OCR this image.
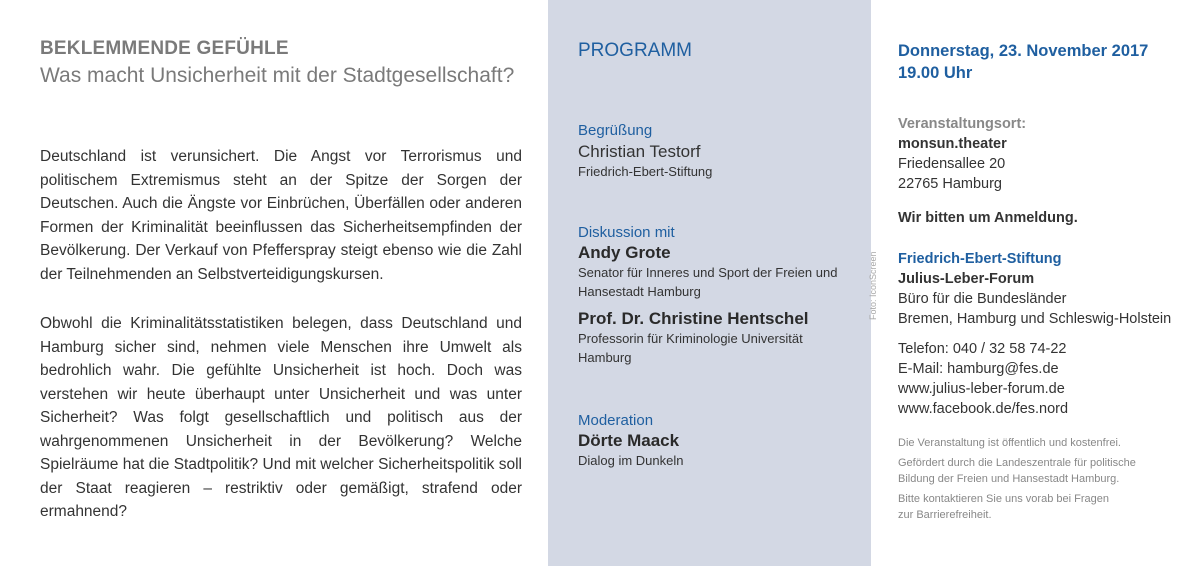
BEKLEMMENDE GEFÜHLE
Was macht Unsicherheit mit der Stadtgesellschaft?

Deutschland ist verunsichert. Die Angst vor Terrorismus und politischem Extremismus steht an der Spitze der Sorgen der Deutschen. Auch die Ängste vor Einbrüchen, Überfällen oder anderen Formen der Kriminalität beeinflussen das Sicherheitsempfinden der Bevölkerung. Der Verkauf von Pfefferspray steigt ebenso wie die Zahl der Teilnehmenden an Selbstverteidigungskursen.

Obwohl die Kriminalitätsstatistiken belegen, dass Deutschland und Hamburg sicher sind, nehmen viele Menschen ihre Umwelt als bedrohlich wahr. Die gefühlte Unsicherheit ist hoch. Doch was verstehen wir heute überhaupt unter Unsicherheit und was unter Sicherheit? Was folgt gesellschaftlich und politisch aus der wahrgenommenen Unsicherheit in der Bevölkerung? Welche Spielräume hat die Stadtpolitik? Und mit welcher Sicherheitspolitik soll der Staat reagieren – restriktiv oder gemäßigt, strafend oder ermahnend?

PROGRAMM
Begrüßung
Christian Testorf
Friedrich-Ebert-Stiftung
Diskussion mit
Andy Grote
Senator für Inneres und Sport der Freien und Hansestadt Hamburg
Prof. Dr. Christine Hentschel
Professorin für Kriminologie Universität Hamburg
Moderation
Dörte Maack
Dialog im Dunkeln
Foto: IconScreen
Donnerstag, 23. November 2017
19.00 Uhr
Veranstaltungsort:
monsun.theater
Friedensallee 20
22765 Hamburg
Wir bitten um Anmeldung.
Friedrich-Ebert-Stiftung
Julius-Leber-Forum
Büro für die Bundesländer
Bremen, Hamburg und Schleswig-Holstein
Telefon: 040 / 32 58 74-22
E-Mail: hamburg@fes.de
www.julius-leber-forum.de
www.facebook.de/fes.nord
Die Veranstaltung ist öffentlich und kostenfrei.
Gefördert durch die Landeszentrale für politische Bildung der Freien und Hansestadt Hamburg.
Bitte kontaktieren Sie uns vorab bei Fragen zur Barrierefreiheit.
